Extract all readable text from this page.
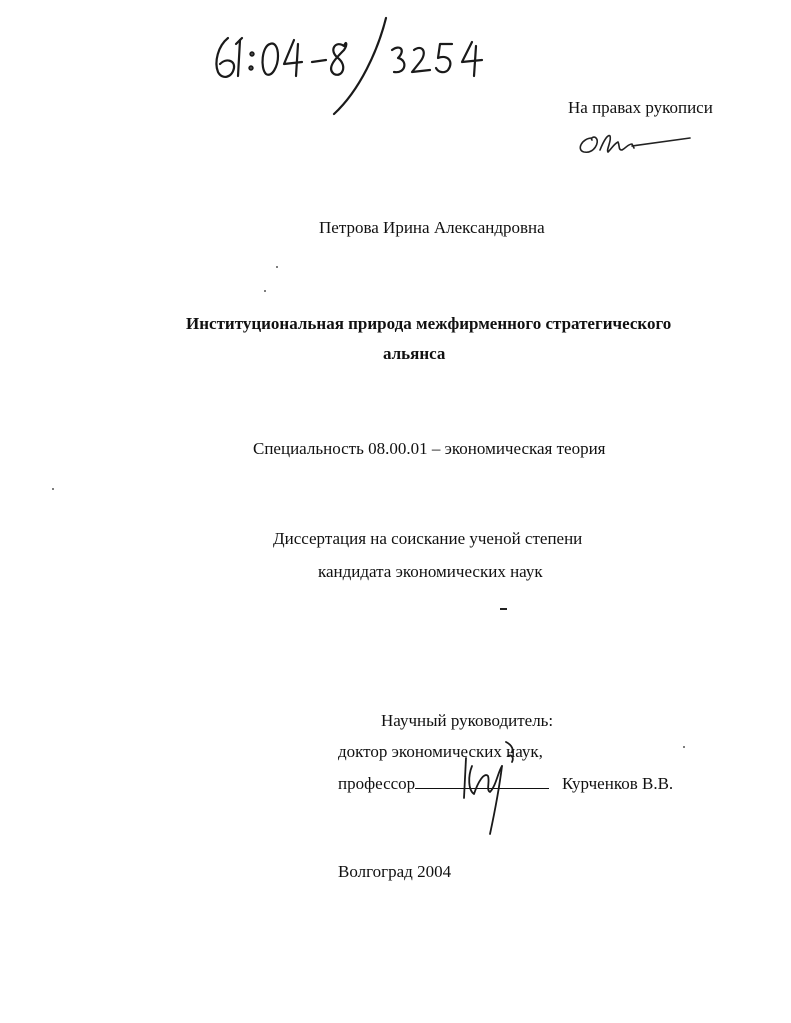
На правах рукописи
Петрова Ирина Александровна
Институциональная природа межфирменного стратегического
альянса
Специальность 08.00.01 – экономическая теория
Диссертация на соискание ученой степени
кандидата экономических наук
Научный руководитель:
доктор экономических наук,
профессор	Курченков В.В.
Волгоград 2004
